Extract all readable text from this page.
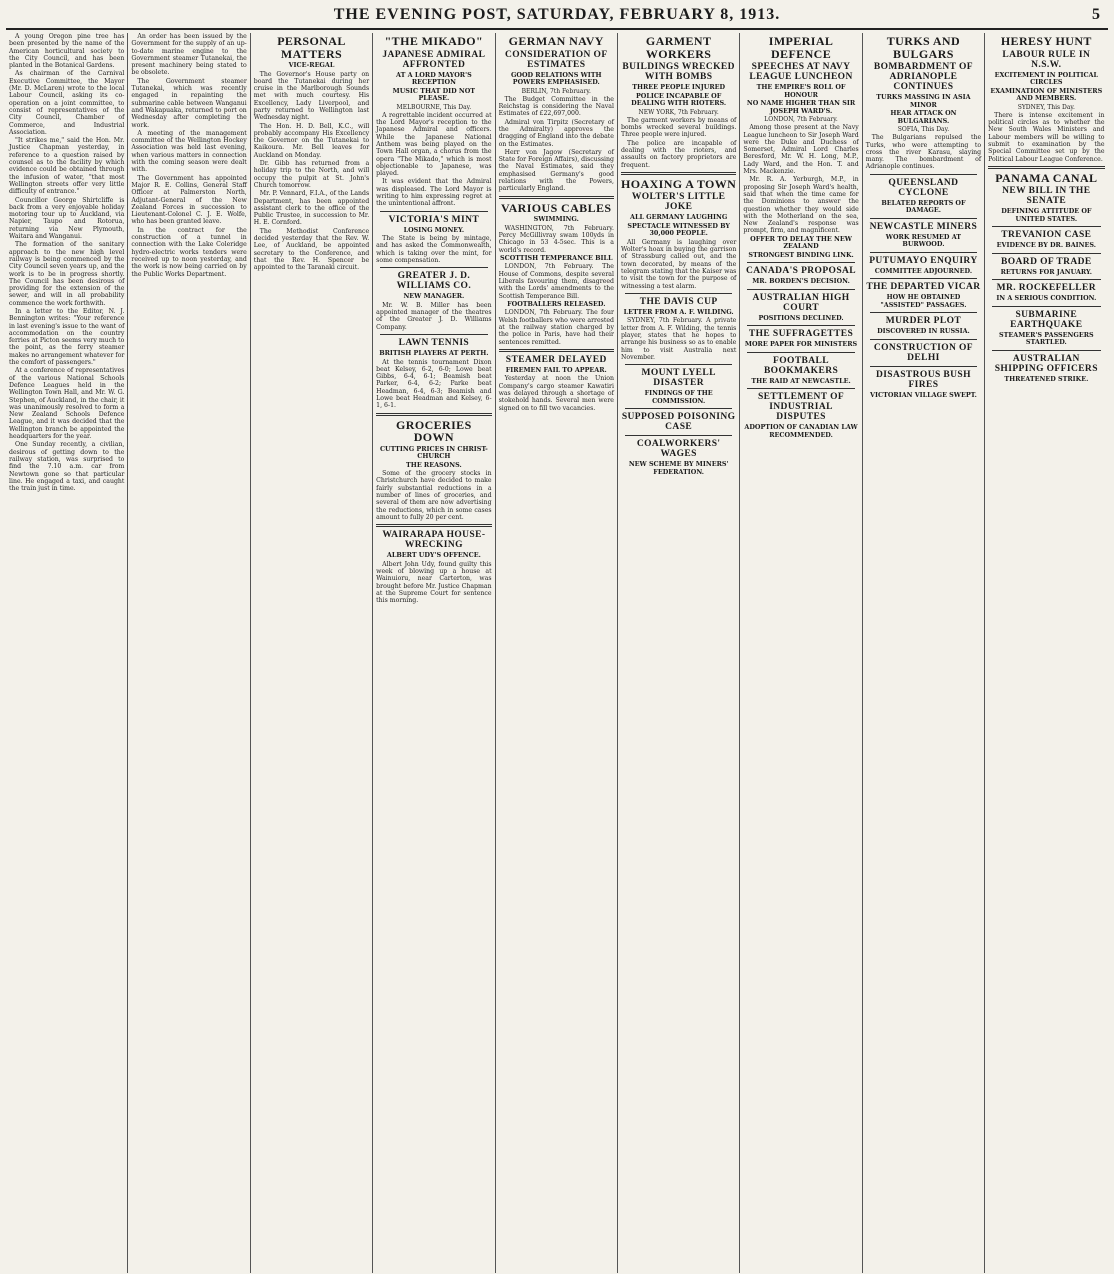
THE EVENING POST, SATURDAY, FEBRUARY 8, 1913.	5

A young Oregon pine tree has been presented by the name of the American horticultural society to the City Council, and has been planted in the Botanical Gardens.

As chairman of the Carnival Executive Committee, the Mayor (Mr. D. McLaren) wrote to the local Labour Council, asking its co-operation on a joint committee, to consist of representatives of the City Council, Chamber of Commerce, and Industrial Association.

"It strikes me," said the Hon. Mr. Justice Chapman yesterday, in reference to a question raised by counsel as to the facility by which evidence could be obtained through the infusion of water, "that most Wellington streets offer very little difficulty of entrance."

Councillor George Shirtcliffe is back from a very enjoyable holiday motoring tour up to Auckland, via Napier, Taupo and Rotorua, returning via New Plymouth, Waitara and Wanganui.

The formation of the sanitary approach to the new high level railway is being commenced by the City Council seven years up, and the work is to be in progress shortly. The Council has been desirous of providing for the extension of the sewer, and will in all probability commence the work forthwith.

In a letter to the Editor, N. J. Bennington writes: "Your reference in last evening's issue to the want of accommodation on the country ferries at Picton seems very much to the point, as the ferry steamer makes no arrangement whatever for the comfort of passengers."

At a conference of representatives of the various National Schools Defence Leagues held in the Wellington Town Hall, and Mr. W. G. Stephen, of Auckland, in the chair, it was unanimously resolved to form a New Zealand Schools Defence League, and it was decided that the Wellington branch be appointed the headquarters for the year.

One Sunday recently, a civilian, desirous of getting down to the railway station, was surprised to find the 7.10 a.m. car from Newtown gone so that particular line. He engaged a taxi, and caught the train just in time.

An order has been issued by the Government for the supply of an up-to-date marine engine to the Government steamer Tutanekai, the present machinery being stated to be obsolete.

The Government steamer Tutanekai, which was recently engaged in repainting the submarine cable between Wanganui and Wakapuaka, returned to port on Wednesday after completing the work.

A meeting of the management committee of the Wellington Hockey Association was held last evening, when various matters in connection with the coming season were dealt with.

The Government has appointed Major R. E. Collins, General Staff Officer at Palmerston North, Adjutant-General of the New Zealand Forces in succession to Lieutenant-Colonel C. J. E. Wolfe, who has been granted leave.

In the contract for the construction of a tunnel in connection with the Lake Coleridge hydro-electric works tenders were received up to noon yesterday, and the work is now being carried on by the Public Works Department.

PERSONAL MATTERS
VICE-REGAL

The Governor's House party on board the Tutanekai during her cruise in the Marlborough Sounds met with much courtesy. His Excellency, Lady Liverpool, and party returned to Wellington last Wednesday night.

The Hon. H. D. Bell, K.C., will probably accompany His Excellency the Governor on the Tutanekai to Kaikoura. Mr. Bell leaves for Auckland on Monday.

Dr. Gibb has returned from a holiday trip to the North, and will occupy the pulpit at St. John's Church tomorrow.

Mr. P. Vennard, F.I.A., of the Lands Department, has been appointed assistant clerk to the office of the Public Trustee, in succession to Mr. H. E. Cornford.

The Methodist Conference decided yesterday that the Rev. W. Lee, of Auckland, be appointed secretary to the Conference, and that the Rev. H. Spencer be appointed to the Taranaki circuit.

"THE MIKADO"
JAPANESE ADMIRAL AFFRONTED
AT A LORD MAYOR'S RECEPTION
MUSIC THAT DID NOT PLEASE.
MELBOURNE, This Day.

A regrettable incident occurred at the Lord Mayor's reception to the Japanese Admiral and officers. While the Japanese National Anthem was being played on the Town Hall organ, a chorus from the opera "The Mikado," which is most objectionable to Japanese, was played.

It was evident that the Admiral was displeased. The Lord Mayor is writing to him expressing regret at the unintentional affront.

VICTORIA'S MINT
LOSING MONEY.

The State is being by mintage, and has asked the Commonwealth, which is taking over the mint, for some compensation.

GREATER J. D. WILLIAMS CO.
NEW MANAGER.

Mr. W. B. Miller has been appointed manager of the theatres of the Greater J. D. Williams Company.

LAWN TENNIS
BRITISH PLAYERS AT PERTH.

At the tennis tournament Dixon beat Kelsey, 6-2, 6-0; Lowe beat Gibbs, 6-4, 6-1; Beamish beat Parker, 6-4, 6-2; Parke beat Headman, 6-4, 6-3; Beamish and Lowe beat Headman and Kelsey, 6-1, 6-1.

GROCERIES DOWN
CUTTING PRICES IN CHRIST-CHURCH
THE REASONS.

Some of the grocery stocks in Christchurch have decided to make fairly substantial reductions in a number of lines of groceries, and several of them are now advertising the reductions, which in some cases amount to fully 20 per cent.

WAIRARAPA HOUSE-WRECKING
ALBERT UDY'S OFFENCE.

Albert John Udy, found guilty this week of blowing up a house at Wainuioru, near Carterton, was brought before Mr. Justice Chapman at the Supreme Court for sentence this morning.

GERMAN NAVY
CONSIDERATION OF ESTIMATES
GOOD RELATIONS WITH POWERS EMPHASISED.
BERLIN, 7th February.

The Budget Committee in the Reichstag is considering the Naval Estimates of £22,697,000.

Admiral von Tirpitz (Secretary of the Admiralty) approves the dragging of England into the debate on the Estimates.

Herr von Jagow (Secretary of State for Foreign Affairs), discussing the Naval Estimates, said they emphasised Germany's good relations with the Powers, particularly England.

VARIOUS CABLES
SWIMMING.

WASHINGTON, 7th February. Percy McGillivray swam 100yds in Chicago in 53 4-5sec. This is a world's record.

SCOTTISH TEMPERANCE BILL

LONDON, 7th February. The House of Commons, despite several Liberals favouring them, disagreed with the Lords' amendments to the Scottish Temperance Bill.

FOOTBALLERS RELEASED.

LONDON, 7th February. The four Welsh footballers who were arrested at the railway station charged by the police in Paris, have had their sentences remitted.

STEAMER DELAYED
FIREMEN FAIL TO APPEAR.

Yesterday at noon the Union Company's cargo steamer Kawatiri was delayed through a shortage of stokehold hands. Several men were signed on to fill two vacancies.

GARMENT WORKERS
BUILDINGS WRECKED WITH BOMBS
THREE PEOPLE INJURED
POLICE INCAPABLE OF DEALING WITH RIOTERS.
NEW YORK, 7th February.

The garment workers by means of bombs wrecked several buildings. Three people were injured.

The police are incapable of dealing with the rioters, and assaults on factory proprietors are frequent.

HOAXING A TOWN
WOLTER'S LITTLE JOKE
ALL GERMANY LAUGHING
SPECTACLE WITNESSED BY 30,000 PEOPLE.

All Germany is laughing over Wolter's hoax in buying the garrison of Strassburg called out, and the town decorated, by means of the telegram stating that the Kaiser was to visit the town for the purpose of witnessing a test alarm.

THE DAVIS CUP
LETTER FROM A. F. WILDING.

SYDNEY, 7th February. A private letter from A. F. Wilding, the tennis player, states that he hopes to arrange his business so as to enable him to visit Australia next November.

MOUNT LYELL DISASTER
FINDINGS OF THE COMMISSION.
SUPPOSED POISONING CASE
COALWORKERS' WAGES
NEW SCHEME BY MINERS' FEDERATION.
IMPERIAL DEFENCE
SPEECHES AT NAVY LEAGUE LUNCHEON
THE EMPIRE'S ROLL OF HONOUR
NO NAME HIGHER THAN SIR JOSEPH WARD'S.
LONDON, 7th February.

Among those present at the Navy League luncheon to Sir Joseph Ward were the Duke and Duchess of Somerset, Admiral Lord Charles Beresford, Mr. W. H. Long, M.P., Lady Ward, and the Hon. T. and Mrs. Mackenzie.

Mr. R. A. Yerburgh, M.P., in proposing Sir Joseph Ward's health, said that when the time came for the Dominions to answer the question whether they would side with the Motherland on the sea, New Zealand's response was prompt, firm, and magnificent.

OFFER TO DELAY THE NEW ZEALAND
STRONGEST BINDING LINK.
CANADA'S PROPOSAL
MR. BORDEN'S DECISION.
AUSTRALIAN HIGH COURT
POSITIONS DECLINED.
THE SUFFRAGETTES
MORE PAPER FOR MINISTERS
FOOTBALL BOOKMAKERS
THE RAID AT NEWCASTLE.
SETTLEMENT OF INDUSTRIAL DISPUTES
ADOPTION OF CANADIAN LAW RECOMMENDED.
TURKS AND BULGARS
BOMBARDMENT OF ADRIANOPLE CONTINUES
TURKS MASSING IN ASIA MINOR
HEAR ATTACK ON BULGARIANS.
SOFIA, This Day.

The Bulgarians repulsed the Turks, who were attempting to cross the river Karasu, slaying many. The bombardment of Adrianople continues.

QUEENSLAND CYCLONE
BELATED REPORTS OF DAMAGE.
NEWCASTLE MINERS
WORK RESUMED AT BURWOOD.
PUTUMAYO ENQUIRY
COMMITTEE ADJOURNED.
THE DEPARTED VICAR
HOW HE OBTAINED "ASSISTED" PASSAGES.
MURDER PLOT
DISCOVERED IN RUSSIA.
CONSTRUCTION OF DELHI
DISASTROUS BUSH FIRES
VICTORIAN VILLAGE SWEPT.
HERESY HUNT
LABOUR RULE IN N.S.W.
EXCITEMENT IN POLITICAL CIRCLES
EXAMINATION OF MINISTERS AND MEMBERS.
SYDNEY, This Day.

There is intense excitement in political circles as to whether the New South Wales Ministers and Labour members will be willing to submit to examination by the Special Committee set up by the Political Labour League Conference.

PANAMA CANAL
NEW BILL IN THE SENATE
DEFINING ATTITUDE OF UNITED STATES.
TREVANION CASE
EVIDENCE BY DR. BAINES.
BOARD OF TRADE
RETURNS FOR JANUARY.
MR. ROCKEFELLER
IN A SERIOUS CONDITION.
SUBMARINE EARTHQUAKE
STEAMER'S PASSENGERS STARTLED.
AUSTRALIAN SHIPPING OFFICERS
THREATENED STRIKE.
